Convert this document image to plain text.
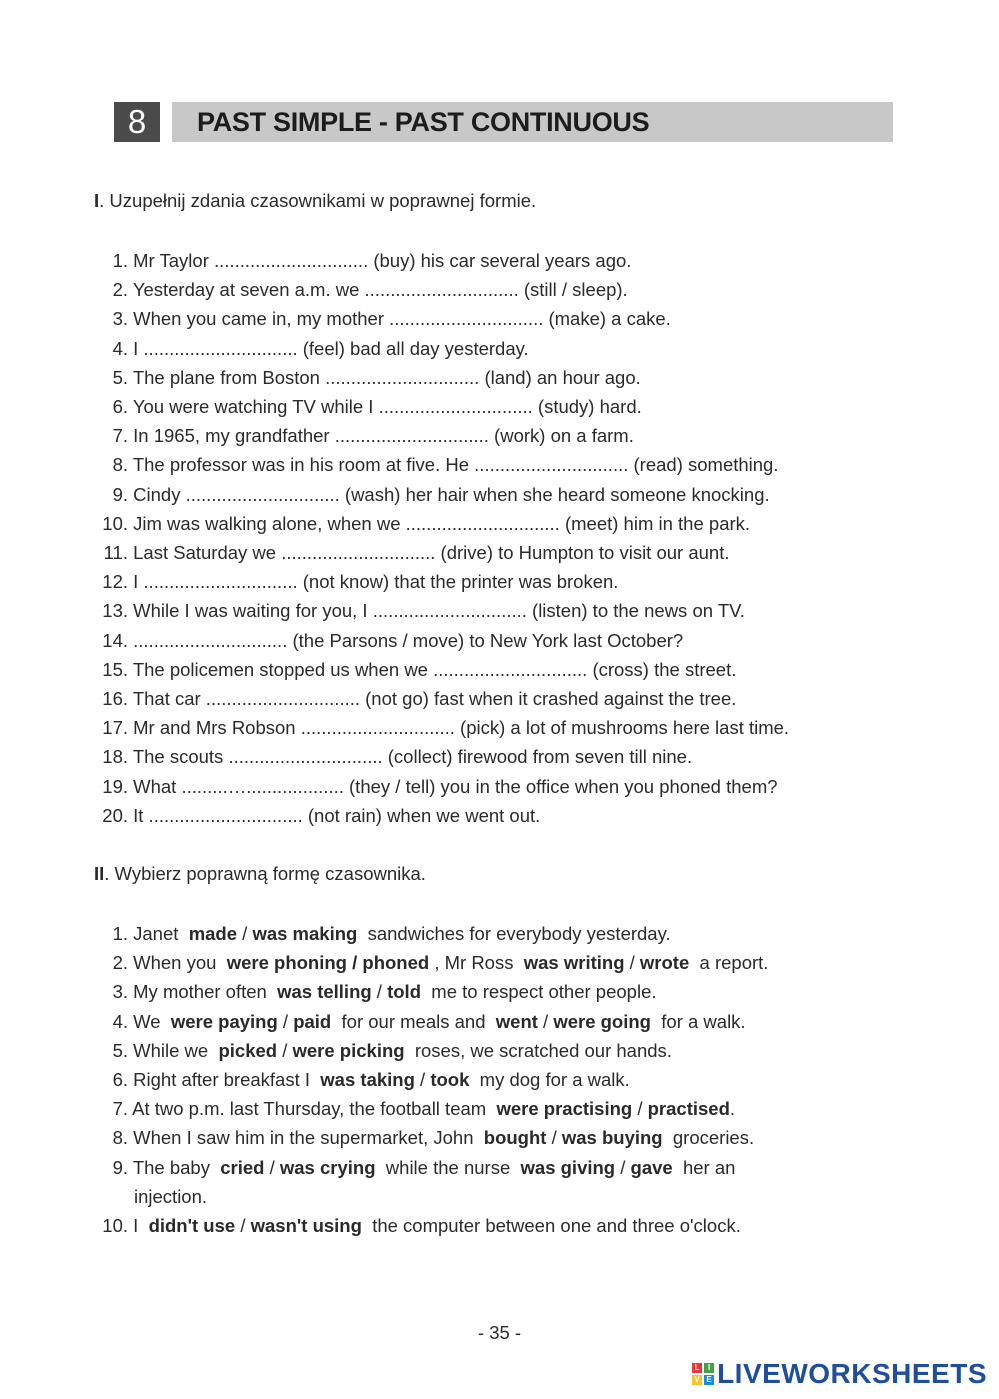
8	PAST SIMPLE - PAST CONTINUOUS
I. Uzupełnij zdania czasownikami w poprawnej formie.
1. Mr Taylor .............................. (buy) his car several years ago.
2. Yesterday at seven a.m. we .............................. (still / sleep).
3. When you came in, my mother .............................. (make) a cake.
4. I .............................. (feel) bad all day yesterday.
5. The plane from Boston .............................. (land) an hour ago.
6. You were watching TV while I .............................. (study) hard.
7. In 1965, my grandfather .............................. (work) on a farm.
8. The professor was in his room at five. He .............................. (read) something.
9. Cindy .............................. (wash) her hair when she heard someone knocking.
10. Jim was walking alone, when we .............................. (meet) him in the park.
11. Last Saturday we .............................. (drive) to Humpton to visit our aunt.
12. I .............................. (not know) that the printer was broken.
13. While I was waiting for you, I .............................. (listen) to the news on TV.
14. .............................. (the Parsons / move) to New York last October?
15. The policemen stopped us when we .............................. (cross) the street.
16. That car .............................. (not go) fast when it crashed against the tree.
17. Mr and Mrs Robson .............................. (pick) a lot of mushrooms here last time.
18. The scouts .............................. (collect) firewood from seven till nine.
19. What .........…................... (they / tell) you in the office when you phoned them?
20. It .............................. (not rain) when we went out.
II. Wybierz poprawną formę czasownika.
1. Janet  made / was making  sandwiches for everybody yesterday.
2. When you  were phoning / phoned , Mr Ross  was writing / wrote  a report.
3. My mother often  was telling / told  me to respect other people.
4. We  were paying / paid  for our meals and  went / were going  for a walk.
5. While we  picked / were picking  roses, we scratched our hands.
6. Right after breakfast I  was taking / took  my dog for a walk.
7. At two p.m. last Thursday, the football team  were practising / practised.
8. When I saw him in the supermarket, John  bought / was buying  groceries.
9. The baby  cried / was crying  while the nurse  was giving / gave  her an
injection.
10. I  didn't use / wasn't using  the computer between one and three o'clock.
- 35 -
L	I
V E LIVEWORKSHEETS
